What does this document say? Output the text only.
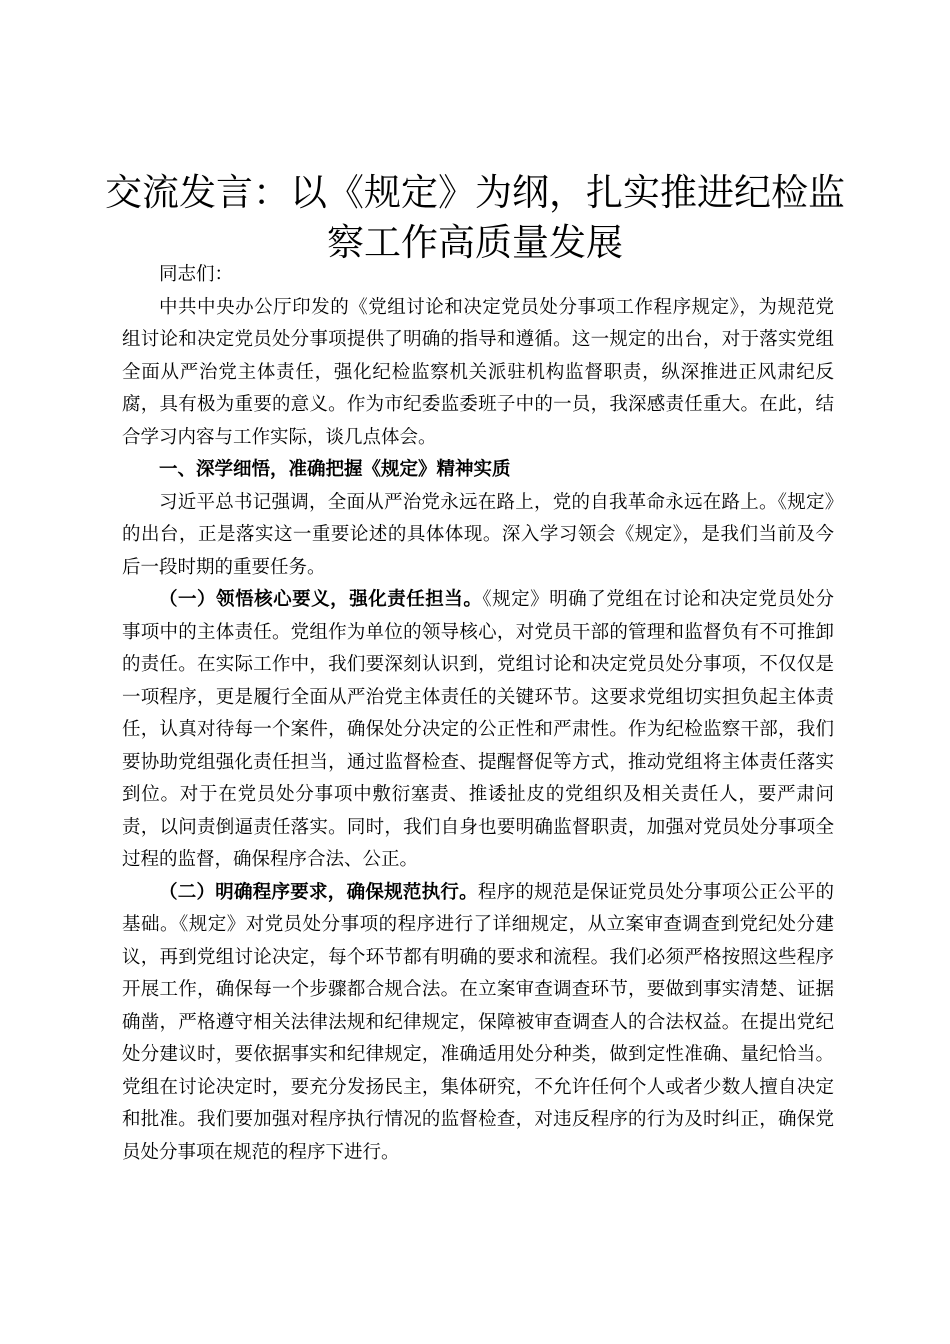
交流发言：以《规定》为纲，扎实推进纪检监察工作高质量发展

同志们：

中共中央办公厅印发的《党组讨论和决定党员处分事项工作程序规定》，为规范党组讨论和决定党员处分事项提供了明确的指导和遵循。这一规定的出台，对于落实党组全面从严治党主体责任，强化纪检监察机关派驻机构监督职责，纵深推进正风肃纪反腐，具有极为重要的意义。作为市纪委监委班子中的一员，我深感责任重大。在此，结合学习内容与工作实际，谈几点体会。

一、深学细悟，准确把握《规定》精神实质

习近平总书记强调，全面从严治党永远在路上，党的自我革命永远在路上。《规定》的出台，正是落实这一重要论述的具体体现。深入学习领会《规定》，是我们当前及今后一段时期的重要任务。

（一）领悟核心要义，强化责任担当。《规定》明确了党组在讨论和决定党员处分事项中的主体责任。党组作为单位的领导核心，对党员干部的管理和监督负有不可推卸的责任。在实际工作中，我们要深刻认识到，党组讨论和决定党员处分事项，不仅仅是一项程序，更是履行全面从严治党主体责任的关键环节。这要求党组切实担负起主体责任，认真对待每一个案件，确保处分决定的公正性和严肃性。作为纪检监察干部，我们要协助党组强化责任担当，通过监督检查、提醒督促等方式，推动党组将主体责任落实到位。对于在党员处分事项中敷衍塞责、推诿扯皮的党组织及相关责任人，要严肃问责，以问责倒逼责任落实。同时，我们自身也要明确监督职责，加强对党员处分事项全过程的监督，确保程序合法、公正。

（二）明确程序要求，确保规范执行。程序的规范是保证党员处分事项公正公平的基础。《规定》对党员处分事项的程序进行了详细规定，从立案审查调查到党纪处分建议，再到党组讨论决定，每个环节都有明确的要求和流程。我们必须严格按照这些程序开展工作，确保每一个步骤都合规合法。在立案审查调查环节，要做到事实清楚、证据确凿，严格遵守相关法律法规和纪律规定，保障被审查调查人的合法权益。在提出党纪处分建议时，要依据事实和纪律规定，准确适用处分种类，做到定性准确、量纪恰当。党组在讨论决定时，要充分发扬民主，集体研究，不允许任何个人或者少数人擅自决定和批准。我们要加强对程序执行情况的监督检查，对违反程序的行为及时纠正，确保党员处分事项在规范的程序下进行。
